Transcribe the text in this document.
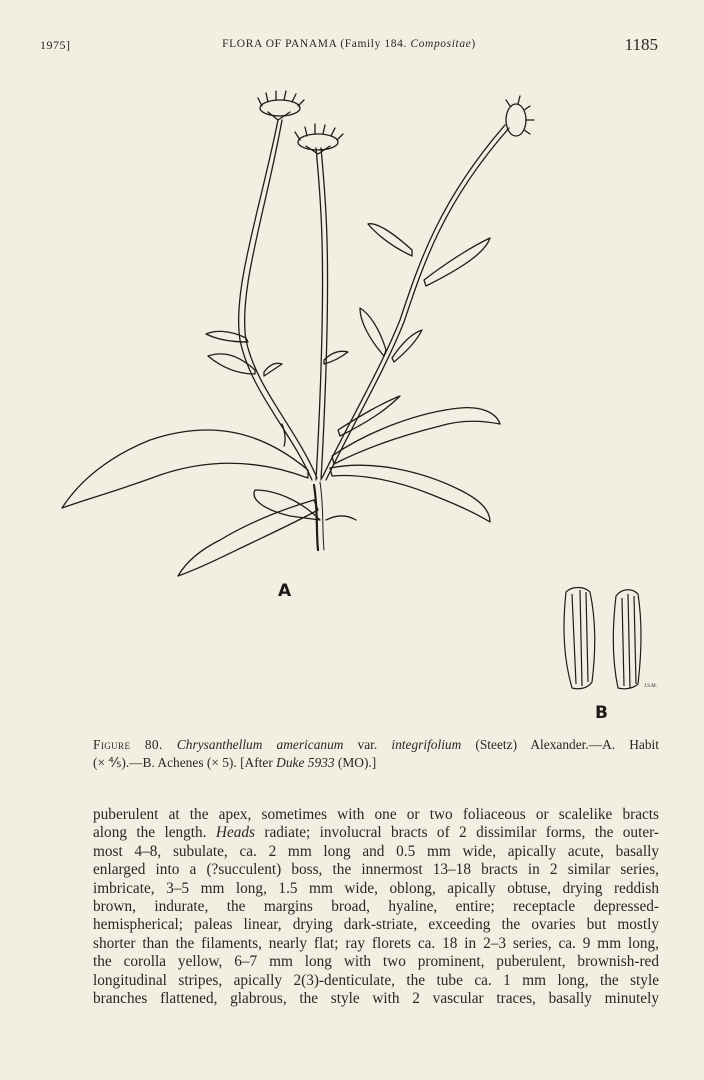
1975]	FLORA OF PANAMA (Family 184. Compositae)	1185
A
B
J.S.M.
Figure 80. Chrysanthellum americanum var. integrifolium (Steetz) Alexander.—A. Habit
(× ⅘).—B. Achenes (× 5). [After Duke 5933 (MO).]
puberulent at the apex, sometimes with one or two foliaceous or scalelike bracts
along the length. Heads radiate; involucral bracts of 2 dissimilar forms, the outer-
most 4–8, subulate, ca. 2 mm long and 0.5 mm wide, apically acute, basally
enlarged into a (?succulent) boss, the innermost 13–18 bracts in 2 similar series,
imbricate, 3–5 mm long, 1.5 mm wide, oblong, apically obtuse, drying reddish
brown, indurate, the margins broad, hyaline, entire; receptacle depressed-
hemispherical; paleas linear, drying dark-striate, exceeding the ovaries but mostly
shorter than the filaments, nearly flat; ray florets ca. 18 in 2–3 series, ca. 9 mm long,
the corolla yellow, 6–7 mm long with two prominent, puberulent, brownish-red
longitudinal stripes, apically 2(3)-denticulate, the tube ca. 1 mm long, the style
branches flattened, glabrous, the style with 2 vascular traces, basally minutely
